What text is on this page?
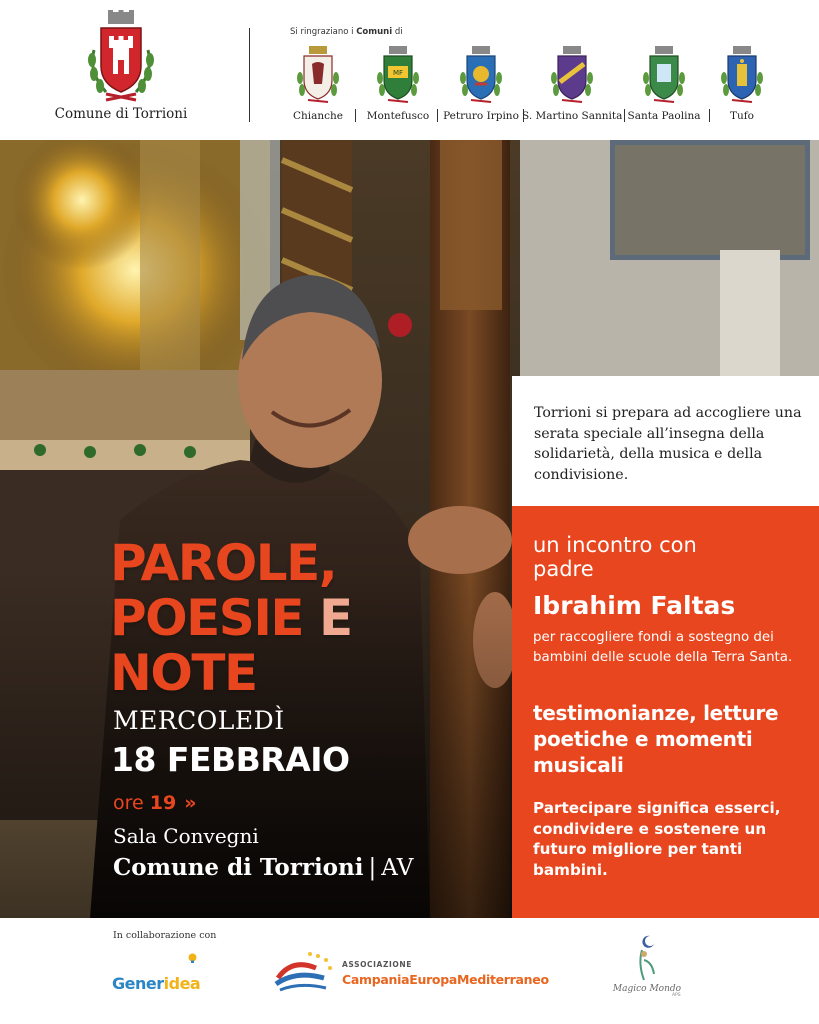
Comune di Torrioni
Si ringraziano i Comuni di
Chianche
MF
Montefusco	Petruro Irpino S. Martino Sannita Santa Paolina	Tufo
PAROLE,
POESIE E
NOTE
MERCOLEDÌ
18 FEBBRAIO
ore 19 »
Sala Convegni
Comune di Torrioni | AV
Torrioni si prepara ad accogliere una serata speciale all’insegna della solidarietà, della musica e della condivisione.
un incontro con
padre
Ibrahim Faltas
per raccogliere fondi a sostegno dei bambini delle scuole della Terra Santa.
testimonianze, letture poetiche e momenti musicali
Partecipare significa esserci, condividere e sostenere un futuro migliore per tanti bambini.
In collaborazione con
Generidea
ASSOCIAZIONE
CampaniaEuropaMediterraneo
Magico Mondo
APS
